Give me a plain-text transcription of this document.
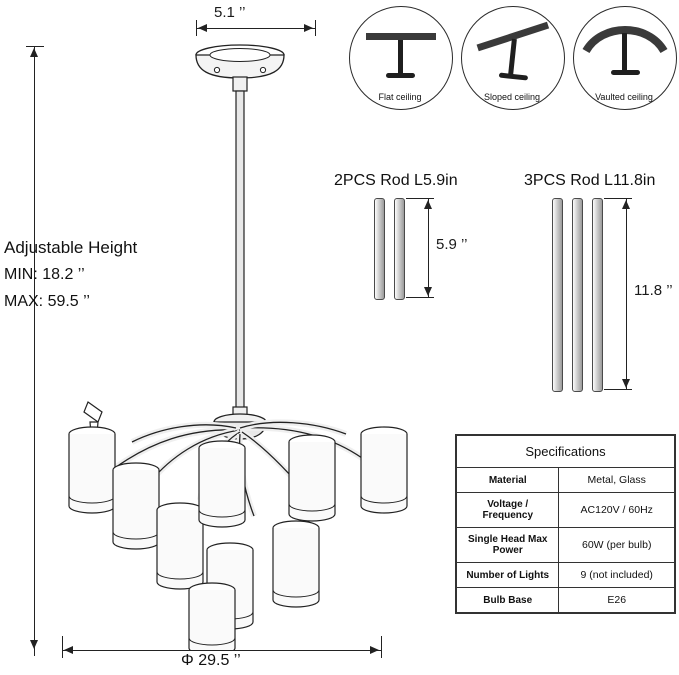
5.1 ’’
Adjustable Height
MIN: 18.2 ’’
MAX: 59.5 ’’
Φ 29.5 ’’
Flat ceiling	Sloped ceiling	Vaulted ceiling
2PCS Rod L5.9in
5.9 ’’
3PCS Rod L11.8in
11.8 ’’
Specifications	
Material	Metal, Glass
Voltage / Frequency	AC120V / 60Hz
Single Head Max Power	60W (per bulb)
Number of Lights	9 (not included)
Bulb Base	E26
